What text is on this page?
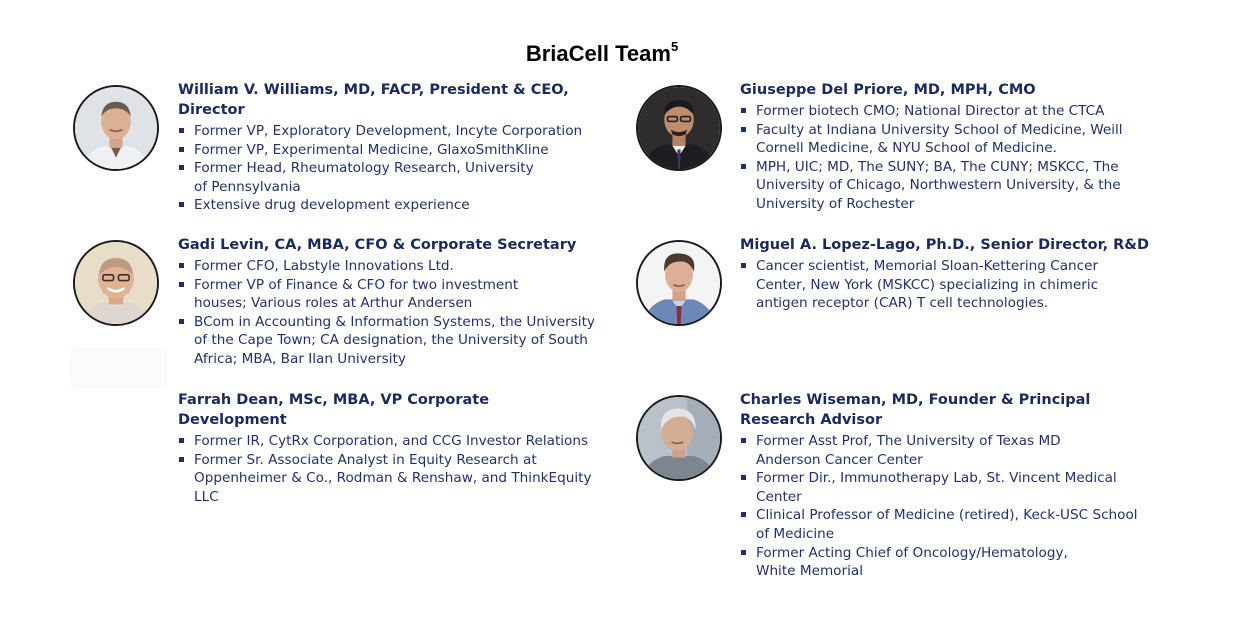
BriaCell Team$^5$
William V. Williams, MD, FACP, President & CEO, Director
Former VP, Exploratory Development, Incyte Corporation
Former VP, Experimental Medicine, GlaxoSmithKline
Former Head, Rheumatology Research, University of Pennsylvania
Extensive drug development experience
Gadi Levin, CA, MBA, CFO & Corporate Secretary
Former CFO, Labstyle Innovations Ltd.
Former VP of Finance & CFO for two investment houses; Various roles at Arthur Andersen
BCom in Accounting & Information Systems, the University of the Cape Town; CA designation, the University of South Africa; MBA, Bar Ilan University
Farrah Dean, MSc, MBA, VP Corporate Development
Former IR, CytRx Corporation, and CCG Investor Relations
Former Sr. Associate Analyst in Equity Research at Oppenheimer & Co., Rodman & Renshaw, and ThinkEquity LLC
Giuseppe Del Priore, MD, MPH, CMO
Former biotech CMO; National Director at the CTCA
Faculty at Indiana University School of Medicine, Weill Cornell Medicine, & NYU School of Medicine.
MPH, UIC; MD, The SUNY; BA, The CUNY; MSKCC, The University of Chicago, Northwestern University, & the University of Rochester
Miguel A. Lopez-Lago, Ph.D., Senior Director, R&D
Cancer scientist, Memorial Sloan-Kettering Cancer Center, New York (MSKCC) specializing in chimeric antigen receptor (CAR) T cell technologies.
Charles Wiseman, MD, Founder & Principal Research Advisor
Former Asst Prof, The University of Texas MD Anderson Cancer Center
Former Dir., Immunotherapy Lab, St. Vincent Medical Center
Clinical Professor of Medicine (retired), Keck-USC School of Medicine
Former Acting Chief of Oncology/Hematology, White Memorial
